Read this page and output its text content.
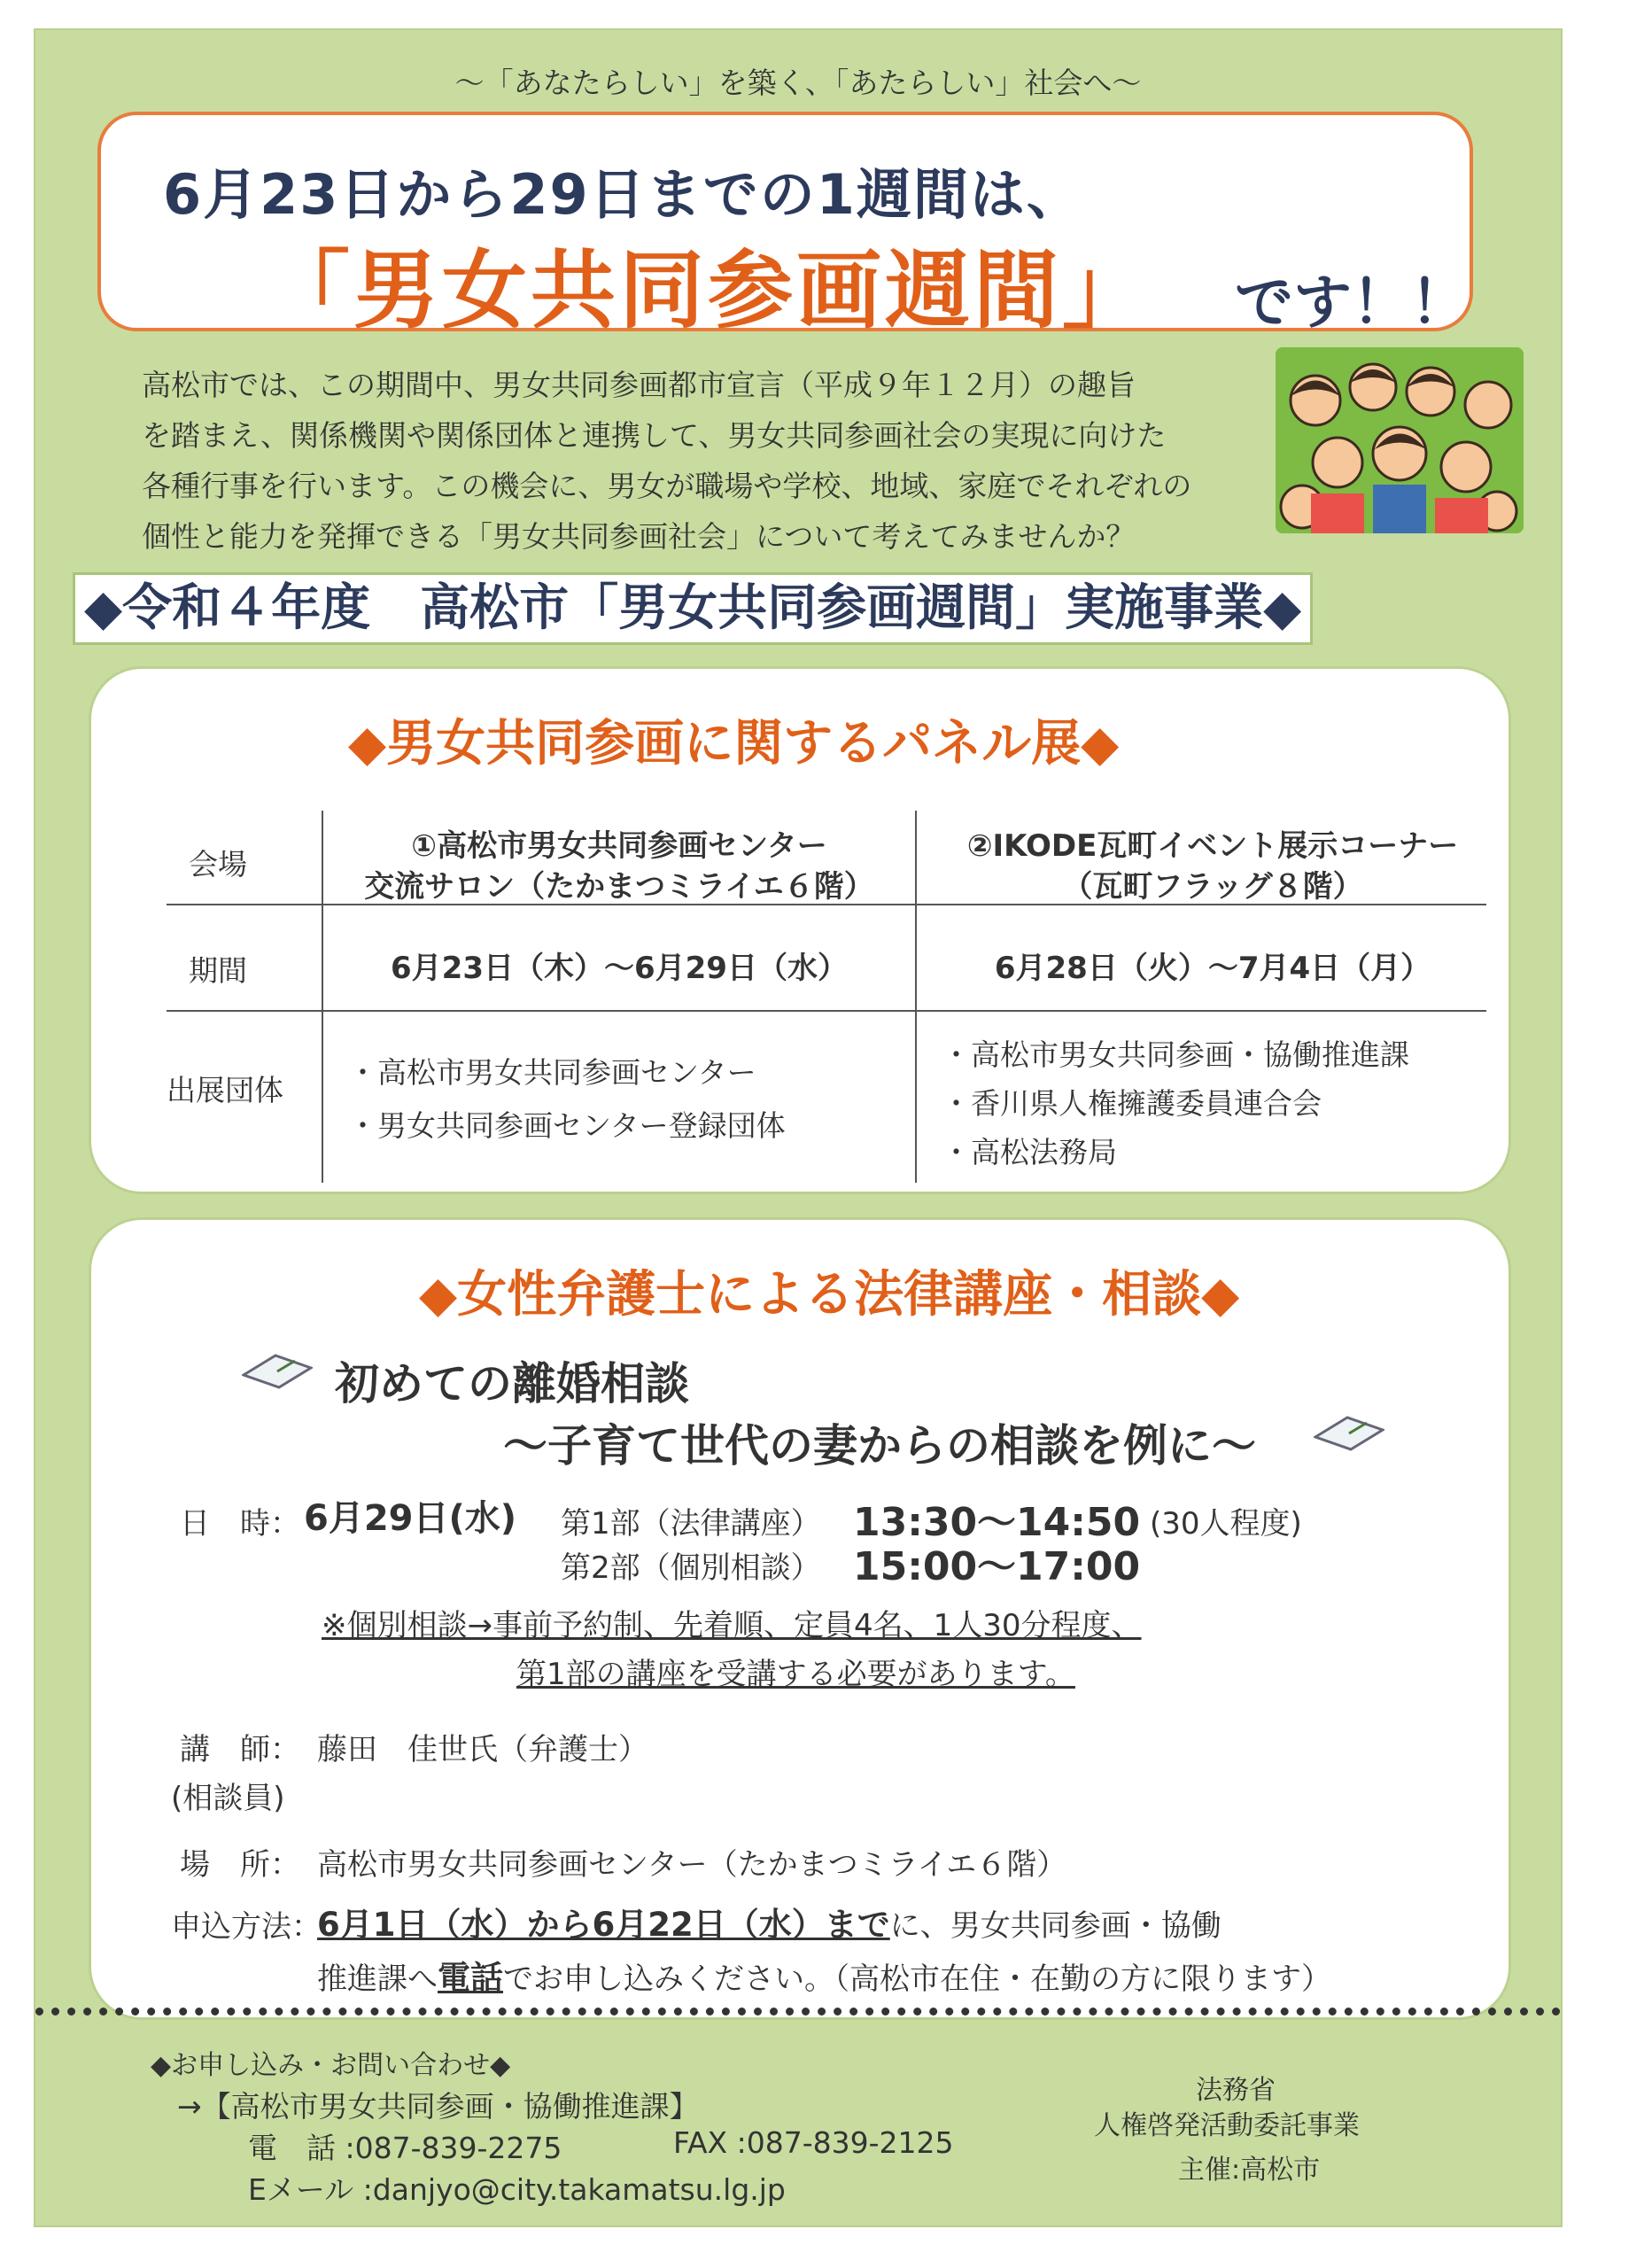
～「あなたらしい」を築く、「あたらしい」社会へ～
6月23日から29日までの1週間は、
「男女共同参画週間」 です！！
高松市では、この期間中、男女共同参画都市宣言（平成９年１２月）の趣旨
を踏まえ、関係機関や関係団体と連携して、男女共同参画社会の実現に向けた
各種行事を行います。この機会に、男女が職場や学校、地域、家庭でそれぞれの
個性と能力を発揮できる「男女共同参画社会」について考えてみませんか？
◆令和４年度　高松市「男女共同参画週間」実施事業◆
◆男女共同参画に関するパネル展◆
会場
期間
出展団体
①高松市男女共同参画センター
交流サロン（たかまつミライエ６階）
6月23日（木）～6月29日（水）
・高松市男女共同参画センター
・男女共同参画センター登録団体
②IKODE瓦町イベント展示コーナー
（瓦町フラッグ８階）
6月28日（火）～7月4日（月）
・高松市男女共同参画・協働推進課
・香川県人権擁護委員連合会
・高松法務局
◆女性弁護士による法律講座・相談◆
初めての離婚相談
～子育て世代の妻からの相談を例に～
日　時： 6月29日(水) 第1部（法律講座） 13:30～14:50 (30人程度)
第2部（個別相談） 15:00～17:00
※個別相談→事前予約制、先着順、定員4名、1人30分程度、
第1部の講座を受講する必要があります。
講　師：
(相談員)
藤田　佳世氏（弁護士）
場　所： 高松市男女共同参画センター（たかまつミライエ６階）
申込方法：
6月1日（水）から6月22日（水）までに、男女共同参画・協働
推進課へ電話でお申し込みください。（高松市在住・在勤の方に限ります）
◆お申し込み・お問い合わせ◆
→【高松市男女共同参画・協働推進課】
電　話 :087-839-2275	FAX :087-839-2125
Eメール :danjyo@city.takamatsu.lg.jp
法務省
人権啓発活動委託事業
主催:高松市
